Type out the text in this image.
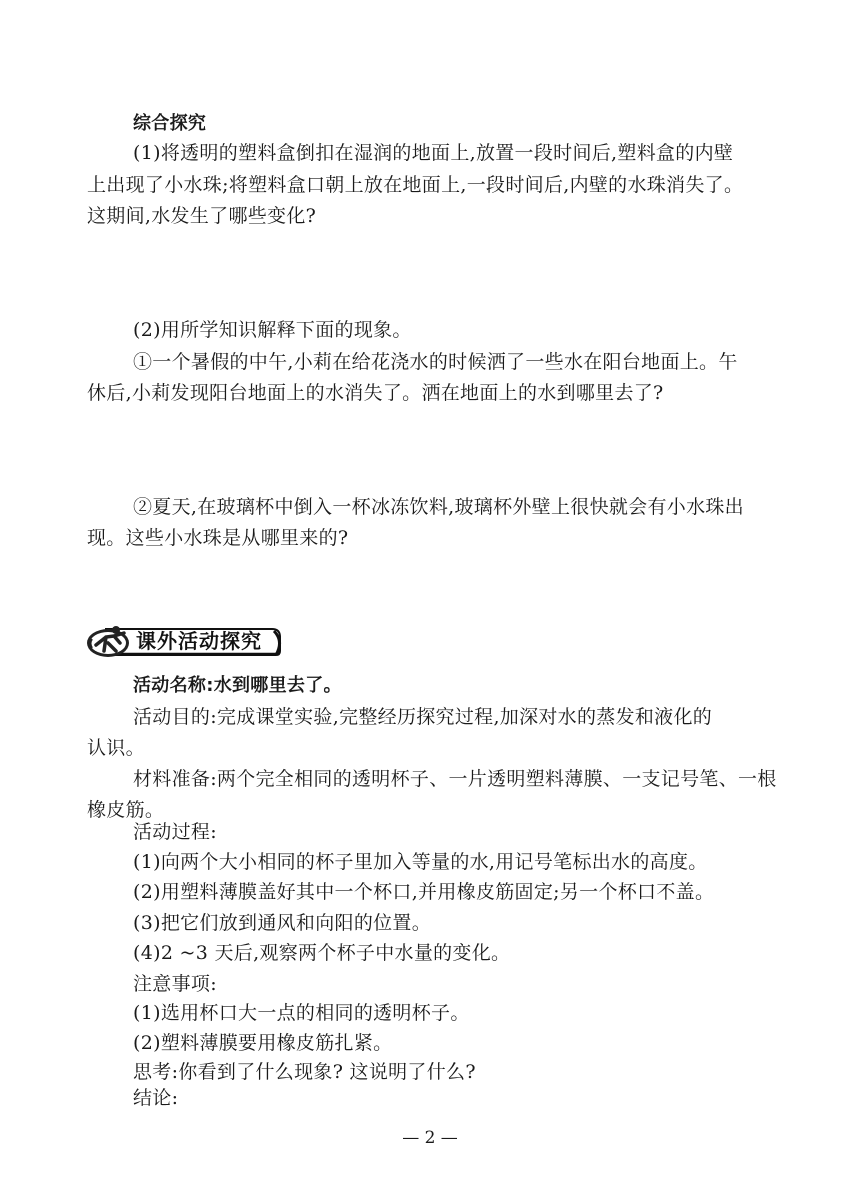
综合探究
(1)将透明的塑料盒倒扣在湿润的地面上,放置一段时间后,塑料盒的内壁
上出现了小水珠;将塑料盒口朝上放在地面上,一段时间后,内壁的水珠消失了。
这期间,水发生了哪些变化?
(2)用所学知识解释下面的现象。
①一个暑假的中午,小莉在给花浇水的时候洒了一些水在阳台地面上。午
休后,小莉发现阳台地面上的水消失了。洒在地面上的水到哪里去了?
②夏天,在玻璃杯中倒入一杯冰冻饮料,玻璃杯外壁上很快就会有小水珠出
现。这些小水珠是从哪里来的?
课外活动探究
活动名称:水到哪里去了。
活动目的:完成课堂实验,完整经历探究过程,加深对水的蒸发和液化的
认识。
材料准备:两个完全相同的透明杯子、一片透明塑料薄膜、一支记号笔、一根
橡皮筋。
活动过程:
(1)向两个大小相同的杯子里加入等量的水,用记号笔标出水的高度。
(2)用塑料薄膜盖好其中一个杯口,并用橡皮筋固定;另一个杯口不盖。
(3)把它们放到通风和向阳的位置。
(4)2 ~3 天后,观察两个杯子中水量的变化。
注意事项:
(1)选用杯口大一点的相同的透明杯子。
(2)塑料薄膜要用橡皮筋扎紧。
思考:你看到了什么现象? 这说明了什么?
结论:
— 2 —
